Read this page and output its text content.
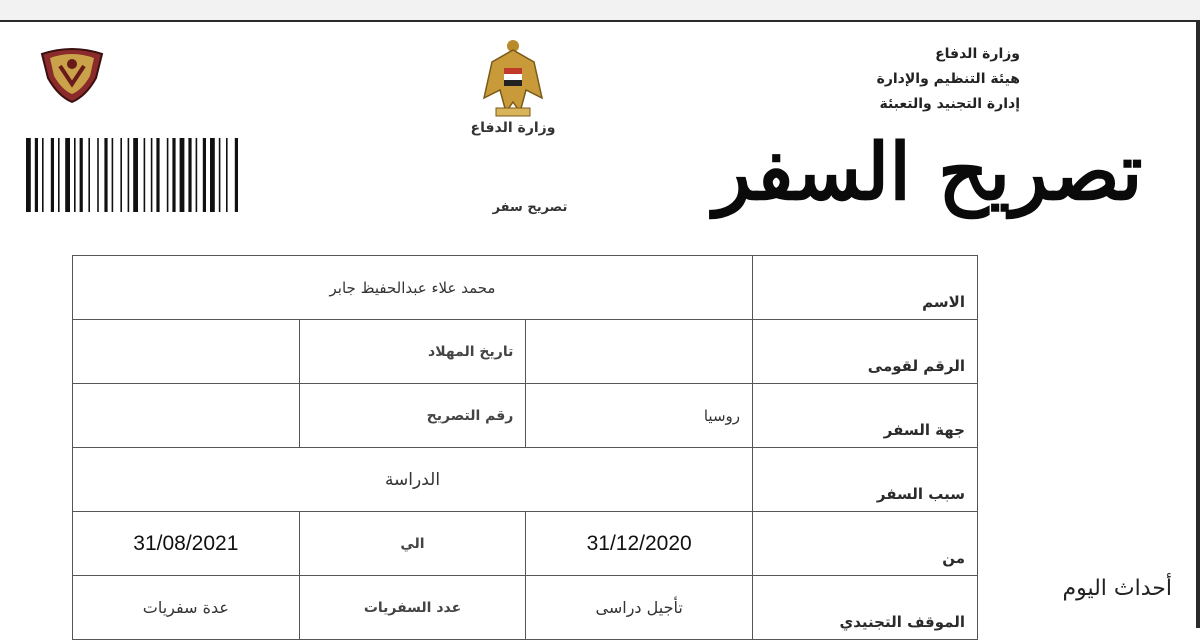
وزارة الدفاع
وزارة الدفاع
هيئة التنظيم والإدارة
إدارة التجنيد والتعبئة
تصريح السفر
تصريح سفر
الاسم	محمد علاء عبدالحفيظ جابر		
الرقم لقومى		تاريخ المهلاد	
جهة السفر	روسيا	رقم التصريح	
سبب السفر	الدراسة		
من	31/12/2020	الي	31/08/2021
الموقف التجنيدي	تأجيل دراسى	عدد السفريات	عدة سفريات
أحداث اليوم
